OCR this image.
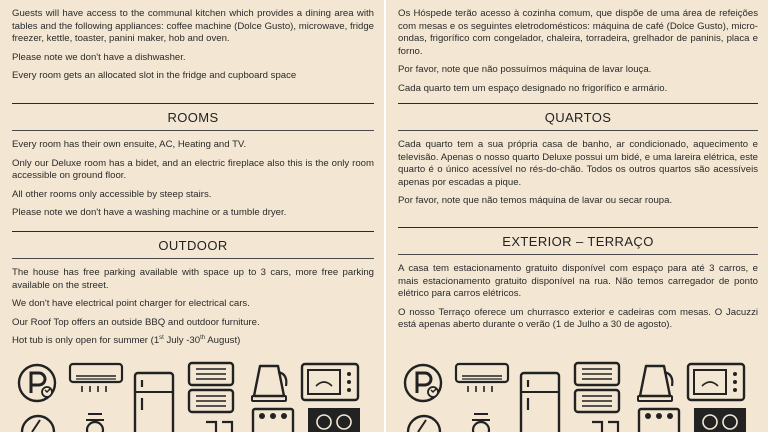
Guests will have access to the communal kitchen which provides a dining area with tables and the following appliances: coffee machine (Dolce Gusto), microwave, fridge freezer, kettle, toaster, panini maker, hob and oven.

Please note we don't have a dishwasher.

Every room gets an allocated slot in the fridge and cupboard space

ROOMS

Every room has their own ensuite, AC, Heating and TV.

Only our Deluxe room has a bidet, and an electric fireplace also this is the only room accessible on ground floor.

All other rooms only accessible by steep stairs.

Please note we don't have a washing machine or a tumble dryer.

OUTDOOR

The house has free parking available with space up to 3 cars, more free parking available on the street.

We don't have electrical point charger for electrical cars.

Our Roof Top offers an outside BBQ and outdoor furniture.

Hot tub is only open for summer (1st July -30th August)

Os Hóspede terão acesso à cozinha comum, que dispõe de uma área de refeições com mesas e os seguintes eletrodomésticos: máquina de café (Dolce Gusto), micro-ondas, frigorífico com congelador, chaleira, torradeira, grelhador de paninis, placa e forno.

Por favor, note que não possuímos máquina de lavar louça.

Cada quarto tem um espaço designado no frigorífico e armário.

QUARTOS

Cada quarto tem a sua própria casa de banho, ar condicionado, aquecimento e televisão. Apenas o nosso quarto Deluxe possui um bidé, e uma lareira elétrica, este quarto é o único acessível no rés-do-chão. Todos os outros quartos são acessíveis apenas por escadas a pique.

Por favor, note que não temos máquina de lavar ou secar roupa.

EXTERIOR – TERRAÇO

A casa tem estacionamento gratuito disponível com espaço para até 3 carros, e mais estacionamento gratuito disponível na rua. Não temos carregador de ponto elétrico para carros elétricos.

O nosso Terraço oferece um churrasco exterior e cadeiras com mesas. O Jacuzzi está apenas aberto durante o verão (1 de Julho a 30 de agosto).
